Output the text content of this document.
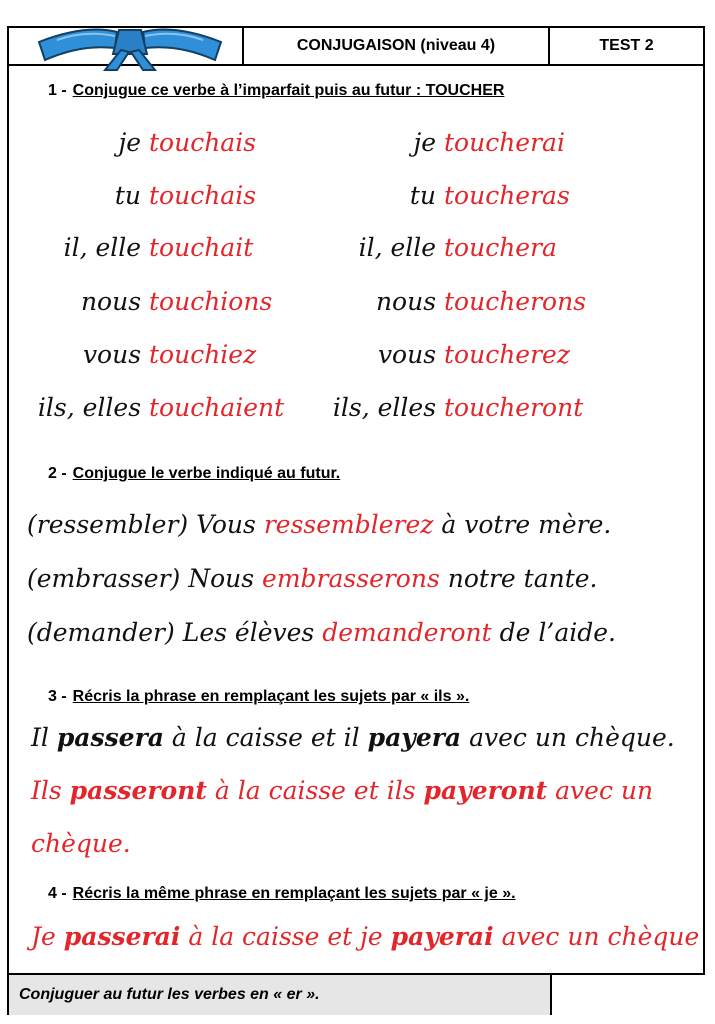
CONJUGAISON (niveau 4)	TEST 2
1 - Conjugue ce verbe à l’imparfait puis au futur : TOUCHER
je touchais	je toucherai
tu touchais	tu toucheras
il, elle touchait	il, elle touchera
nous touchions	nous toucherons
vous touchiez	vous toucherez
ils, elles touchaient ils, elles toucheront
2 - Conjugue le verbe indiqué au futur.
(ressembler) Vous ressemblerez à votre mère.
(embrasser) Nous embrasserons notre tante.
(demander) Les élèves demanderont de l’aide.
3 - Récris la phrase en remplaçant les sujets par « ils ».
Il passera à la caisse et il payera avec un chèque.
Ils passeront à la caisse et ils payeront avec un
chèque.
4 - Récris la même phrase en remplaçant les sujets par « je ».
Je passerai à la caisse et je payerai avec un chèque
Conjuguer au futur les verbes en « er ».
